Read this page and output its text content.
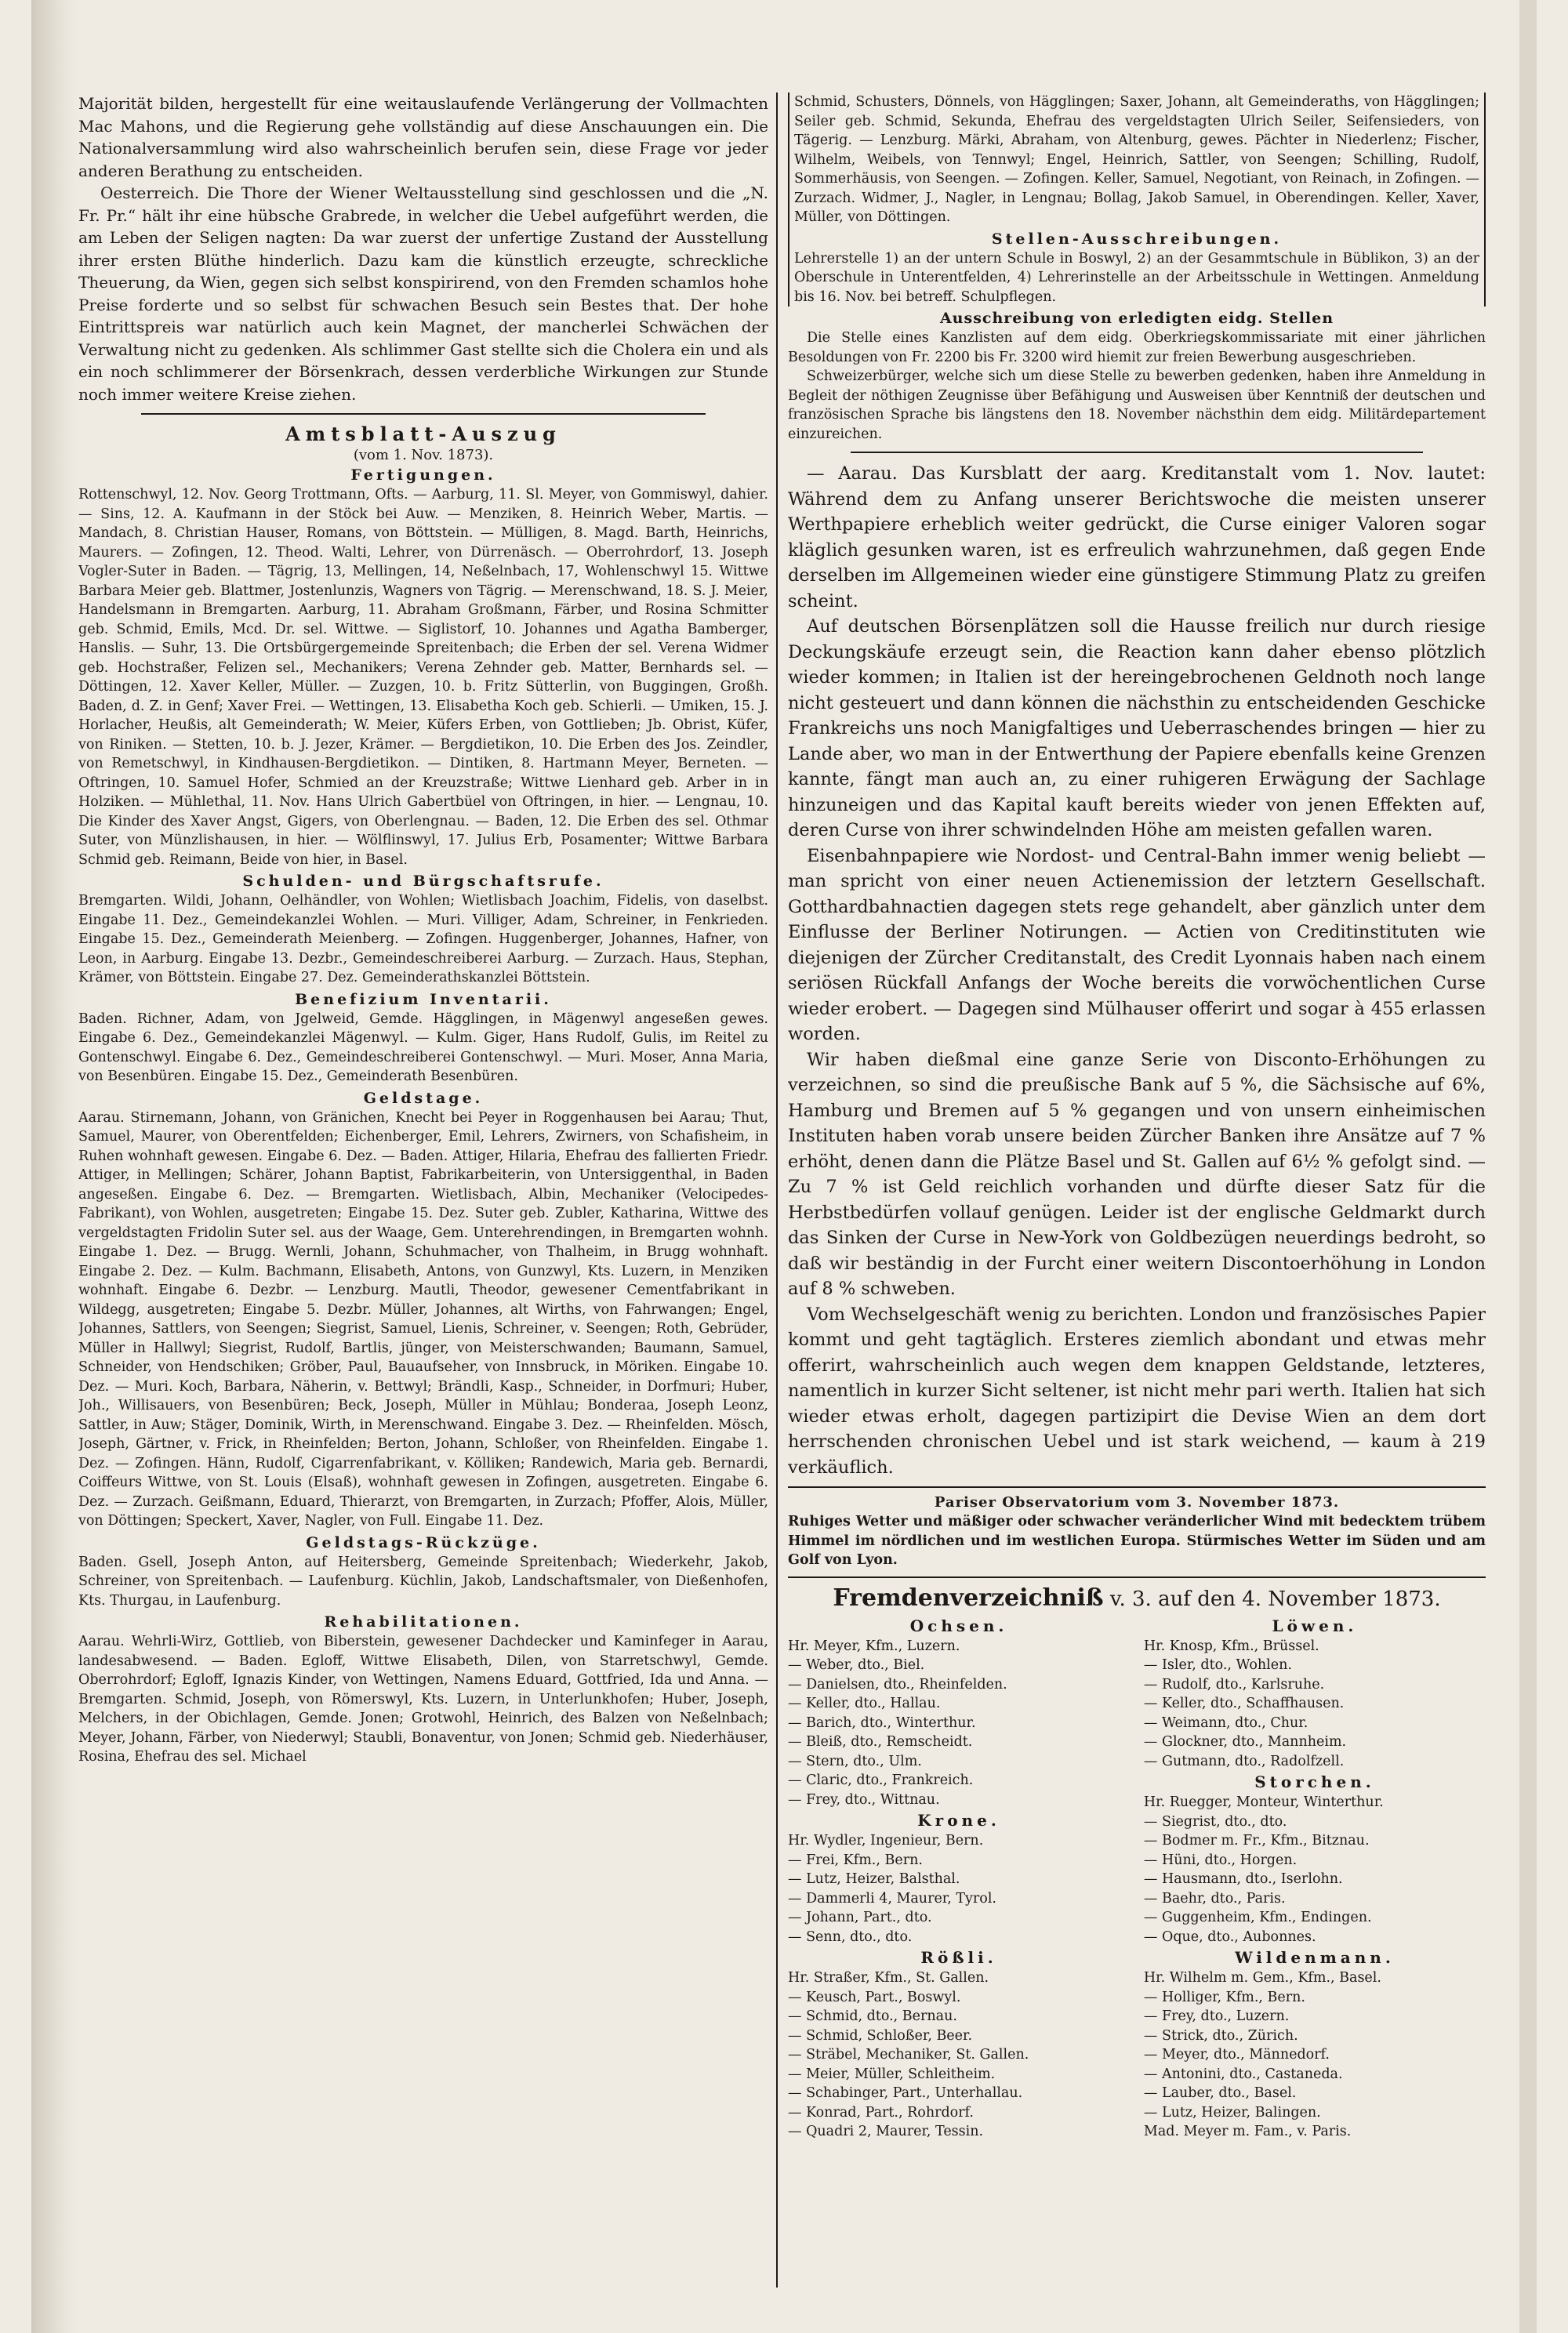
Majorität bilden, hergestellt für eine weitauslaufende Verlängerung der Vollmachten Mac Mahons, und die Regierung gehe vollständig auf diese Anschauungen ein. Die Nationalversammlung wird also wahrscheinlich berufen sein, diese Frage vor jeder anderen Berathung zu entscheiden.

Oesterreich. Die Thore der Wiener Weltausstellung sind geschlossen und die „N. Fr. Pr.“ hält ihr eine hübsche Grabrede, in welcher die Uebel aufgeführt werden, die am Leben der Seligen nagten: Da war zuerst der unfertige Zustand der Ausstellung ihrer ersten Blüthe hinderlich. Dazu kam die künstlich erzeugte, schreckliche Theuerung, da Wien, gegen sich selbst konspirirend, von den Fremden schamlos hohe Preise forderte und so selbst für schwachen Besuch sein Bestes that. Der hohe Eintrittspreis war natürlich auch kein Magnet, der mancherlei Schwächen der Verwaltung nicht zu gedenken. Als schlimmer Gast stellte sich die Cholera ein und als ein noch schlimmerer der Börsenkrach, dessen verderbliche Wirkungen zur Stunde noch immer weitere Kreise ziehen.

Amtsblatt-Auszug
(vom 1. Nov. 1873).
Fertigungen.

Rottenschwyl, 12. Nov. Georg Trottmann, Ofts. — Aarburg, 11. Sl. Meyer, von Gommiswyl, dahier. — Sins, 12. A. Kaufmann in der Stöck bei Auw. — Menziken, 8. Heinrich Weber, Martis. — Mandach, 8. Christian Hauser, Romans, von Böttstein. — Mülligen, 8. Magd. Barth, Heinrichs, Maurers. — Zofingen, 12. Theod. Walti, Lehrer, von Dürrenäsch. — Oberrohrdorf, 13. Joseph Vogler-Suter in Baden. — Tägrig, 13, Mellingen, 14, Neßelnbach, 17, Wohlenschwyl 15. Wittwe Barbara Meier geb. Blattmer, Jostenlunzis, Wagners von Tägrig. — Merenschwand, 18. S. J. Meier, Handelsmann in Bremgarten. Aarburg, 11. Abraham Großmann, Färber, und Rosina Schmitter geb. Schmid, Emils, Mcd. Dr. sel. Wittwe. — Siglistorf, 10. Johannes und Agatha Bamberger, Hanslis. — Suhr, 13. Die Ortsbürgergemeinde Spreitenbach; die Erben der sel. Verena Widmer geb. Hochstraßer, Felizen sel., Mechanikers; Verena Zehnder geb. Matter, Bernhards sel. — Döttingen, 12. Xaver Keller, Müller. — Zuzgen, 10. b. Fritz Sütterlin, von Buggingen, Großh. Baden, d. Z. in Genf; Xaver Frei. — Wettingen, 13. Elisabetha Koch geb. Schierli. — Umiken, 15. J. Horlacher, Heußis, alt Gemeinderath; W. Meier, Küfers Erben, von Gottlieben; Jb. Obrist, Küfer, von Riniken. — Stetten, 10. b. J. Jezer, Krämer. — Bergdietikon, 10. Die Erben des Jos. Zeindler, von Remetschwyl, in Kindhausen-Bergdietikon. — Dintiken, 8. Hartmann Meyer, Berneten. — Oftringen, 10. Samuel Hofer, Schmied an der Kreuzstraße; Wittwe Lienhard geb. Arber in in Holziken. — Mühlethal, 11. Nov. Hans Ulrich Gabertbüel von Oftringen, in hier. — Lengnau, 10. Die Kinder des Xaver Angst, Gigers, von Oberlengnau. — Baden, 12. Die Erben des sel. Othmar Suter, von Münzlishausen, in hier. — Wölflinswyl, 17. Julius Erb, Posamenter; Wittwe Barbara Schmid geb. Reimann, Beide von hier, in Basel.

Schulden- und Bürgschaftsrufe.

Bremgarten. Wildi, Johann, Oelhändler, von Wohlen; Wietlisbach Joachim, Fidelis, von daselbst. Eingabe 11. Dez., Gemeindekanzlei Wohlen. — Muri. Villiger, Adam, Schreiner, in Fenkrieden. Eingabe 15. Dez., Gemeinderath Meienberg. — Zofingen. Huggenberger, Johannes, Hafner, von Leon, in Aarburg. Eingabe 13. Dezbr., Gemeindeschreiberei Aarburg. — Zurzach. Haus, Stephan, Krämer, von Böttstein. Eingabe 27. Dez. Gemeinderathskanzlei Böttstein.

Benefizium Inventarii.

Baden. Richner, Adam, von Jgelweid, Gemde. Hägglingen, in Mägenwyl angeseßen gewes. Eingabe 6. Dez., Gemeindekanzlei Mägenwyl. — Kulm. Giger, Hans Rudolf, Gulis, im Reitel zu Gontenschwyl. Eingabe 6. Dez., Gemeindeschreiberei Gontenschwyl. — Muri. Moser, Anna Maria, von Besenbüren. Eingabe 15. Dez., Gemeinderath Besenbüren.

Geldstage.

Aarau. Stirnemann, Johann, von Gränichen, Knecht bei Peyer in Roggenhausen bei Aarau; Thut, Samuel, Maurer, von Oberentfelden; Eichenberger, Emil, Lehrers, Zwirners, von Schafisheim, in Ruhen wohnhaft gewesen. Eingabe 6. Dez. — Baden. Attiger, Hilaria, Ehefrau des fallierten Friedr. Attiger, in Mellingen; Schärer, Johann Baptist, Fabrikarbeiterin, von Untersiggenthal, in Baden angeseßen. Eingabe 6. Dez. — Bremgarten. Wietlisbach, Albin, Mechaniker (Velocipedes-Fabrikant), von Wohlen, ausgetreten; Eingabe 15. Dez. Suter geb. Zubler, Katharina, Wittwe des vergeldstagten Fridolin Suter sel. aus der Waage, Gem. Unterehrendingen, in Bremgarten wohnh. Eingabe 1. Dez. — Brugg. Wernli, Johann, Schuhmacher, von Thalheim, in Brugg wohnhaft. Eingabe 2. Dez. — Kulm. Bachmann, Elisabeth, Antons, von Gunzwyl, Kts. Luzern, in Menziken wohnhaft. Eingabe 6. Dezbr. — Lenzburg. Mautli, Theodor, gewesener Cementfabrikant in Wildegg, ausgetreten; Eingabe 5. Dezbr. Müller, Johannes, alt Wirths, von Fahrwangen; Engel, Johannes, Sattlers, von Seengen; Siegrist, Samuel, Lienis, Schreiner, v. Seengen; Roth, Gebrüder, Müller in Hallwyl; Siegrist, Rudolf, Bartlis, jünger, von Meisterschwanden; Baumann, Samuel, Schneider, von Hendschiken; Gröber, Paul, Bauaufseher, von Innsbruck, in Möriken. Eingabe 10. Dez. — Muri. Koch, Barbara, Näherin, v. Bettwyl; Brändli, Kasp., Schneider, in Dorfmuri; Huber, Joh., Willisauers, von Besenbüren; Beck, Joseph, Müller in Mühlau; Bonderaa, Joseph Leonz, Sattler, in Auw; Stäger, Dominik, Wirth, in Merenschwand. Eingabe 3. Dez. — Rheinfelden. Mösch, Joseph, Gärtner, v. Frick, in Rheinfelden; Berton, Johann, Schloßer, von Rheinfelden. Eingabe 1. Dez. — Zofingen. Hänn, Rudolf, Cigarrenfabrikant, v. Kölliken; Randewich, Maria geb. Bernardi, Coiffeurs Wittwe, von St. Louis (Elsaß), wohnhaft gewesen in Zofingen, ausgetreten. Eingabe 6. Dez. — Zurzach. Geißmann, Eduard, Thierarzt, von Bremgarten, in Zurzach; Pfoffer, Alois, Müller, von Döttingen; Speckert, Xaver, Nagler, von Full. Eingabe 11. Dez.

Geldstags-Rückzüge.

Baden. Gsell, Joseph Anton, auf Heitersberg, Gemeinde Spreitenbach; Wiederkehr, Jakob, Schreiner, von Spreitenbach. — Laufenburg. Küchlin, Jakob, Landschaftsmaler, von Dießenhofen, Kts. Thurgau, in Laufenburg.

Rehabilitationen.

Aarau. Wehrli-Wirz, Gottlieb, von Biberstein, gewesener Dachdecker und Kaminfeger in Aarau, landesabwesend. — Baden. Egloff, Wittwe Elisabeth, Dilen, von Starretschwyl, Gemde. Oberrohrdorf; Egloff, Ignazis Kinder, von Wettingen, Namens Eduard, Gottfried, Ida und Anna. — Bremgarten. Schmid, Joseph, von Römerswyl, Kts. Luzern, in Unterlunkhofen; Huber, Joseph, Melchers, in der Obichlagen, Gemde. Jonen; Grotwohl, Heinrich, des Balzen von Neßelnbach; Meyer, Johann, Färber, von Niederwyl; Staubli, Bonaventur, von Jonen; Schmid geb. Niederhäuser, Rosina, Ehefrau des sel. Michael

Schmid, Schusters, Dönnels, von Hägglingen; Saxer, Johann, alt Gemeinderaths, von Hägglingen; Seiler geb. Schmid, Sekunda, Ehefrau des vergeldstagten Ulrich Seiler, Seifensieders, von Tägerig. — Lenzburg. Märki, Abraham, von Altenburg, gewes. Pächter in Niederlenz; Fischer, Wilhelm, Weibels, von Tennwyl; Engel, Heinrich, Sattler, von Seengen; Schilling, Rudolf, Sommerhäusis, von Seengen. — Zofingen. Keller, Samuel, Negotiant, von Reinach, in Zofingen. — Zurzach. Widmer, J., Nagler, in Lengnau; Bollag, Jakob Samuel, in Oberendingen. Keller, Xaver, Müller, von Döttingen.

Stellen-Ausschreibungen.

Lehrerstelle 1) an der untern Schule in Boswyl, 2) an der Gesammtschule in Büblikon, 3) an der Oberschule in Unterentfelden, 4) Lehrerinstelle an der Arbeitsschule in Wettingen. Anmeldung bis 16. Nov. bei betreff. Schulpflegen.

Ausschreibung von erledigten eidg. Stellen

Die Stelle eines Kanzlisten auf dem eidg. Oberkriegskommissariate mit einer jährlichen Besoldungen von Fr. 2200 bis Fr. 3200 wird hiemit zur freien Bewerbung ausgeschrieben.

Schweizerbürger, welche sich um diese Stelle zu bewerben gedenken, haben ihre Anmeldung in Begleit der nöthigen Zeugnisse über Befähigung und Ausweisen über Kenntniß der deutschen und französischen Sprache bis längstens den 18. November nächsthin dem eidg. Militärdepartement einzureichen.

— Aarau. Das Kursblatt der aarg. Kreditanstalt vom 1. Nov. lautet: Während dem zu Anfang unserer Berichtswoche die meisten unserer Werthpapiere erheblich weiter gedrückt, die Curse einiger Valoren sogar kläglich gesunken waren, ist es erfreulich wahrzunehmen, daß gegen Ende derselben im Allgemeinen wieder eine günstigere Stimmung Platz zu greifen scheint.

Auf deutschen Börsenplätzen soll die Hausse freilich nur durch riesige Deckungskäufe erzeugt sein, die Reaction kann daher ebenso plötzlich wieder kommen; in Italien ist der hereingebrochenen Geldnoth noch lange nicht gesteuert und dann können die nächsthin zu entscheidenden Geschicke Frankreichs uns noch Manigfaltiges und Ueberraschendes bringen — hier zu Lande aber, wo man in der Entwerthung der Papiere ebenfalls keine Grenzen kannte, fängt man auch an, zu einer ruhigeren Erwägung der Sachlage hinzuneigen und das Kapital kauft bereits wieder von jenen Effekten auf, deren Curse von ihrer schwindelnden Höhe am meisten gefallen waren.

Eisenbahnpapiere wie Nordost- und Central-Bahn immer wenig beliebt — man spricht von einer neuen Actienemission der letztern Gesellschaft. Gotthardbahnactien dagegen stets rege gehandelt, aber gänzlich unter dem Einflusse der Berliner Notirungen. — Actien von Creditinstituten wie diejenigen der Zürcher Creditanstalt, des Credit Lyonnais haben nach einem seriösen Rückfall Anfangs der Woche bereits die vorwöchentlichen Curse wieder erobert. — Dagegen sind Mülhauser offerirt und sogar à 455 erlassen worden.

Wir haben dießmal eine ganze Serie von Disconto-Erhöhungen zu verzeichnen, so sind die preußische Bank auf 5 %, die Sächsische auf 6%, Hamburg und Bremen auf 5 % gegangen und von unsern einheimischen Instituten haben vorab unsere beiden Zürcher Banken ihre Ansätze auf 7 % erhöht, denen dann die Plätze Basel und St. Gallen auf 6½ % gefolgt sind. — Zu 7 % ist Geld reichlich vorhanden und dürfte dieser Satz für die Herbstbedürfen vollauf genügen. Leider ist der englische Geldmarkt durch das Sinken der Curse in New-York von Goldbezügen neuerdings bedroht, so daß wir beständig in der Furcht einer weitern Discontoerhöhung in London auf 8 % schweben.

Vom Wechselgeschäft wenig zu berichten. London und französisches Papier kommt und geht tagtäglich. Ersteres ziemlich abondant und etwas mehr offerirt, wahrscheinlich auch wegen dem knappen Geldstande, letzteres, namentlich in kurzer Sicht seltener, ist nicht mehr pari werth. Italien hat sich wieder etwas erholt, dagegen partizipirt die Devise Wien an dem dort herrschenden chronischen Uebel und ist stark weichend, — kaum à 219 verkäuflich.

Pariser Observatorium vom 3. November 1873.

Ruhiges Wetter und mäßiger oder schwacher veränderlicher Wind mit bedecktem trübem Himmel im nördlichen und im westlichen Europa. Stürmisches Wetter im Süden und am Golf von Lyon.

Fremdenverzeichniß v. 3. auf den 4. November 1873.
Ochsen.
Hr. Meyer, Kfm., Luzern.
— Weber, dto., Biel.
— Danielsen, dto., Rheinfelden.
— Keller, dto., Hallau.
— Barich, dto., Winterthur.
— Bleiß, dto., Remscheidt.
— Stern, dto., Ulm.
— Claric, dto., Frankreich.
— Frey, dto., Wittnau.
Krone.
Hr. Wydler, Ingenieur, Bern.
— Frei, Kfm., Bern.
— Lutz, Heizer, Balsthal.
— Dammerli 4, Maurer, Tyrol.
— Johann, Part., dto.
— Senn, dto., dto.
Rößli.
Hr. Straßer, Kfm., St. Gallen.
— Keusch, Part., Boswyl.
— Schmid, dto., Bernau.
— Schmid, Schloßer, Beer.
— Sträbel, Mechaniker, St. Gallen.
— Meier, Müller, Schleitheim.
— Schabinger, Part., Unterhallau.
— Konrad, Part., Rohrdorf.
— Quadri 2, Maurer, Tessin.
Löwen.
Hr. Knosp, Kfm., Brüssel.
— Isler, dto., Wohlen.
— Rudolf, dto., Karlsruhe.
— Keller, dto., Schaffhausen.
— Weimann, dto., Chur.
— Glockner, dto., Mannheim.
— Gutmann, dto., Radolfzell.
Storchen.
Hr. Ruegger, Monteur, Winterthur.
— Siegrist, dto., dto.
— Bodmer m. Fr., Kfm., Bitznau.
— Hüni, dto., Horgen.
— Hausmann, dto., Iserlohn.
— Baehr, dto., Paris.
— Guggenheim, Kfm., Endingen.
— Oque, dto., Aubonnes.
Wildenmann.
Hr. Wilhelm m. Gem., Kfm., Basel.
— Holliger, Kfm., Bern.
— Frey, dto., Luzern.
— Strick, dto., Zürich.
— Meyer, dto., Männedorf.
— Antonini, dto., Castaneda.
— Lauber, dto., Basel.
— Lutz, Heizer, Balingen.
Mad. Meyer m. Fam., v. Paris.
